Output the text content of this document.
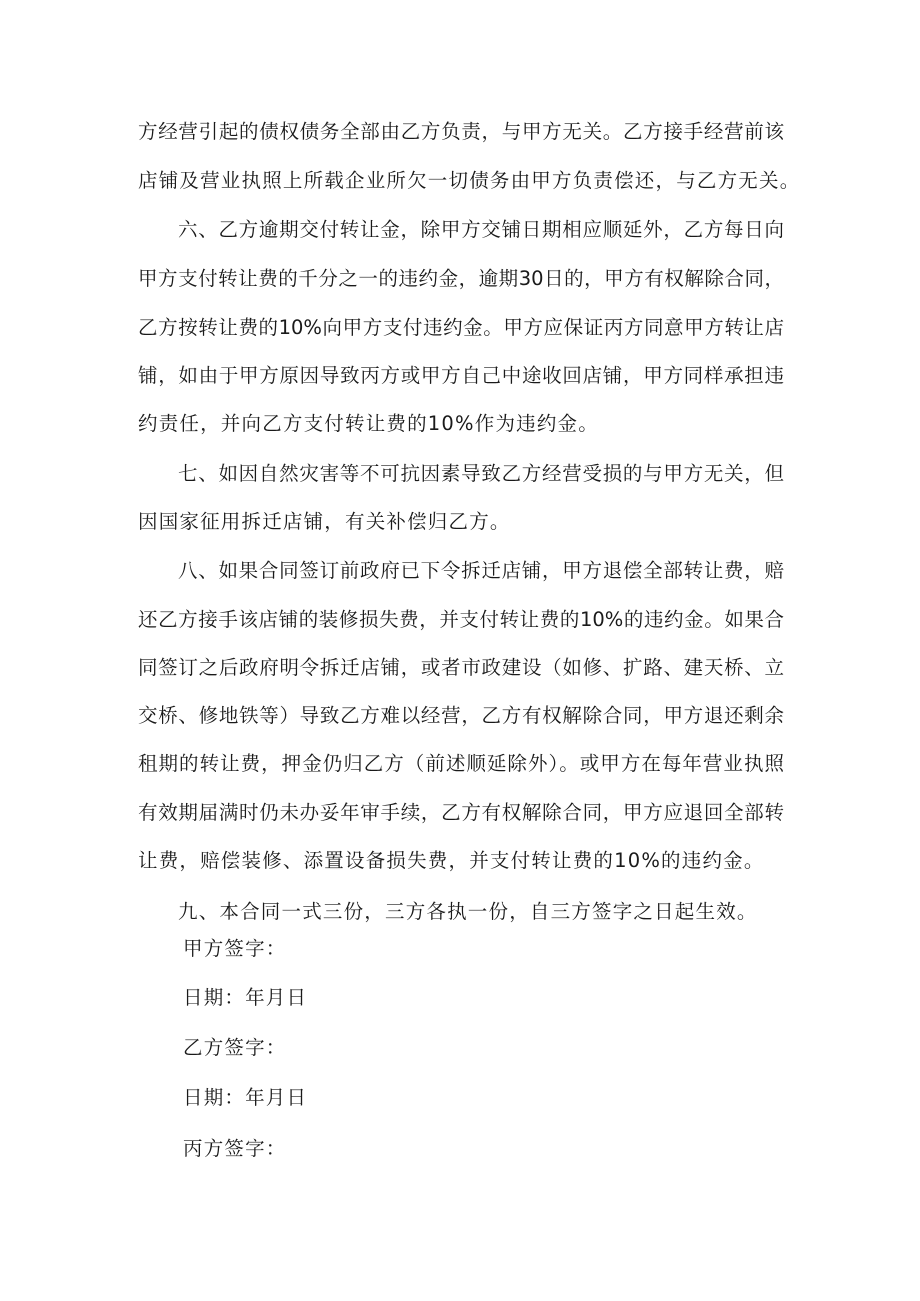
方经营引起的债权债务全部由乙方负责，与甲方无关。乙方接手经营前该
店铺及营业执照上所载企业所欠一切债务由甲方负责偿还，与乙方无关。
六、乙方逾期交付转让金，除甲方交铺日期相应顺延外，乙方每日向
甲方支付转让费的千分之一的违约金，逾期30日的，甲方有权解除合同，
乙方按转让费的10%向甲方支付违约金。甲方应保证丙方同意甲方转让店
铺，如由于甲方原因导致丙方或甲方自己中途收回店铺，甲方同样承担违
约责任，并向乙方支付转让费的10%作为违约金。
七、如因自然灾害等不可抗因素导致乙方经营受损的与甲方无关，但
因国家征用拆迁店铺，有关补偿归乙方。
八、如果合同签订前政府已下令拆迁店铺，甲方退偿全部转让费，赔
还乙方接手该店铺的装修损失费，并支付转让费的10%的违约金。如果合
同签订之后政府明令拆迁店铺，或者市政建设（如修、扩路、建天桥、立
交桥、修地铁等）导致乙方难以经营，乙方有权解除合同，甲方退还剩余
租期的转让费，押金仍归乙方（前述顺延除外）。或甲方在每年营业执照
有效期届满时仍未办妥年审手续，乙方有权解除合同，甲方应退回全部转
让费，赔偿装修、添置设备损失费，并支付转让费的10%的违约金。
九、本合同一式三份，三方各执一份，自三方签字之日起生效。
甲方签字：
日期：年月日
乙方签字：
日期：年月日
丙方签字：
